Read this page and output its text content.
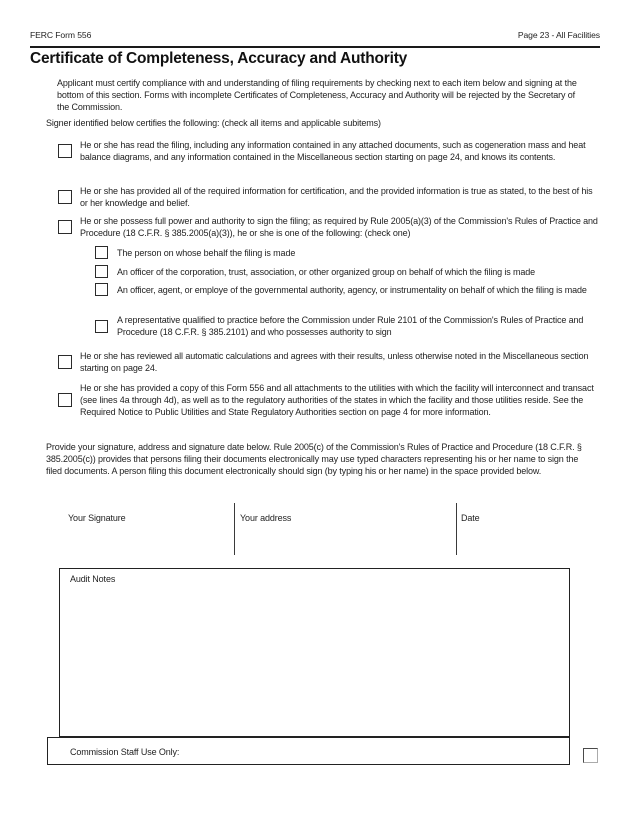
FERC Form 556	Page 23 - All Facilities
Certificate of Completeness, Accuracy and Authority
Applicant must certify compliance with and understanding of filing requirements by checking next to each item below and signing at the bottom of this section. Forms with incomplete Certificates of Completeness, Accuracy and Authority will be rejected by the Secretary of the Commission.
Signer identified below certifies the following: (check all items and applicable subitems)
He or she has read the filing, including any information contained in any attached documents, such as cogeneration mass and heat balance diagrams, and any information contained in the Miscellaneous section starting on page 24, and knows its contents.
He or she has provided all of the required information for certification, and the provided information is true as stated, to the best of his or her knowledge and belief.
He or she possess full power and authority to sign the filing; as required by Rule 2005(a)(3) of the Commission's Rules of Practice and Procedure (18 C.F.R. § 385.2005(a)(3)), he or she is one of the following: (check one)
The person on whose behalf the filing is made
An officer of the corporation, trust, association, or other organized group on behalf of which the filing is made
An officer, agent, or employe of the governmental authority, agency, or instrumentality on behalf of which the filing is made
A representative qualified to practice before the Commission under Rule 2101 of the Commission's Rules of Practice and Procedure (18 C.F.R. § 385.2101) and who possesses authority to sign
He or she has reviewed all automatic calculations and agrees with their results, unless otherwise noted in the Miscellaneous section starting on page 24.
He or she has provided a copy of this Form 556 and all attachments to the utilities with which the facility will interconnect and transact (see lines 4a through 4d), as well as to the regulatory authorities of the states in which the facility and those utilities reside. See the Required Notice to Public Utilities and State Regulatory Authorities section on page 4 for more information.
Provide your signature, address and signature date below. Rule 2005(c) of the Commission's Rules of Practice and Procedure (18 C.F.R. § 385.2005(c)) provides that persons filing their documents electronically may use typed characters representing his or her name to sign the filed documents. A person filing this document electronically should sign (by typing his or her name) in the space provided below.
Your Signature	Your address	Date
Audit Notes
Commission Staff Use Only:
